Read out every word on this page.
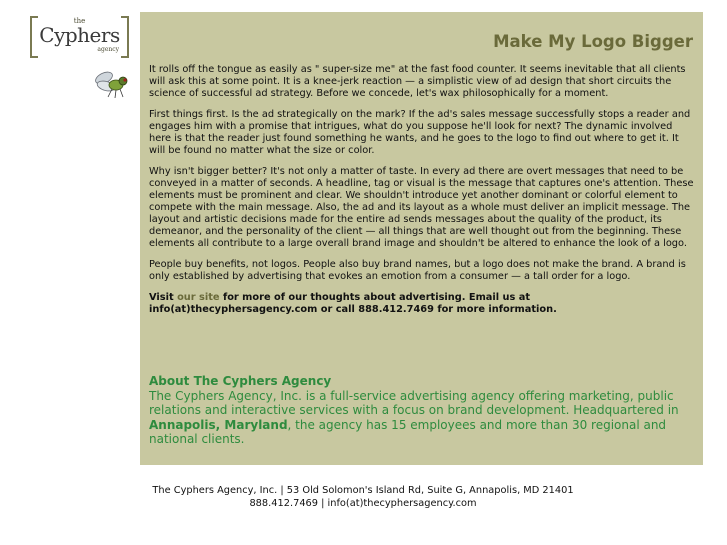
the
Cyphers
agency	Make My Logo Bigger

It rolls off the tongue as easily as " super-size me" at the fast food counter. It seems inevitable that all clients will ask this at some point. It is a knee-jerk reaction — a simplistic view of ad design that short circuits the science of successful ad strategy. Before we concede, let's wax philosophically for a moment.

First things first. Is the ad strategically on the mark? If the ad's sales message successfully stops a reader and engages him with a promise that intrigues, what do you suppose he'll look for next? The dynamic involved here is that the reader just found something he wants, and he goes to the logo to find out where to get it. It will be found no matter what the size or color.

Why isn't bigger better? It's not only a matter of taste. In every ad there are overt messages that need to be conveyed in a matter of seconds. A headline, tag or visual is the message that captures one's attention. These elements must be prominent and clear. We shouldn't introduce yet another dominant or colorful element to compete with the main message. Also, the ad and its layout as a whole must deliver an implicit message. The layout and artistic decisions made for the entire ad sends messages about the quality of the product, its demeanor, and the personality of the client — all things that are well thought out from the beginning. These elements all contribute to a large overall brand image and shouldn't be altered to enhance the look of a logo.

People buy benefits, not logos. People also buy brand names, but a logo does not make the brand. A brand is only established by advertising that evokes an emotion from a consumer — a tall order for a logo.

Visit our site for more of our thoughts about advertising. Email us at info(at)thecyphersagency.com or call 888.412.7469 for more information.

About The Cyphers Agency
The Cyphers Agency, Inc. is a full-service advertising agency offering marketing, public relations and interactive services with a focus on brand development. Headquartered in Annapolis, Maryland, the agency has 15 employees and more than 30 regional and national clients.
The Cyphers Agency, Inc. | 53 Old Solomon's Island Rd, Suite G, Annapolis, MD 21401
888.412.7469 | info(at)thecyphersagency.com
